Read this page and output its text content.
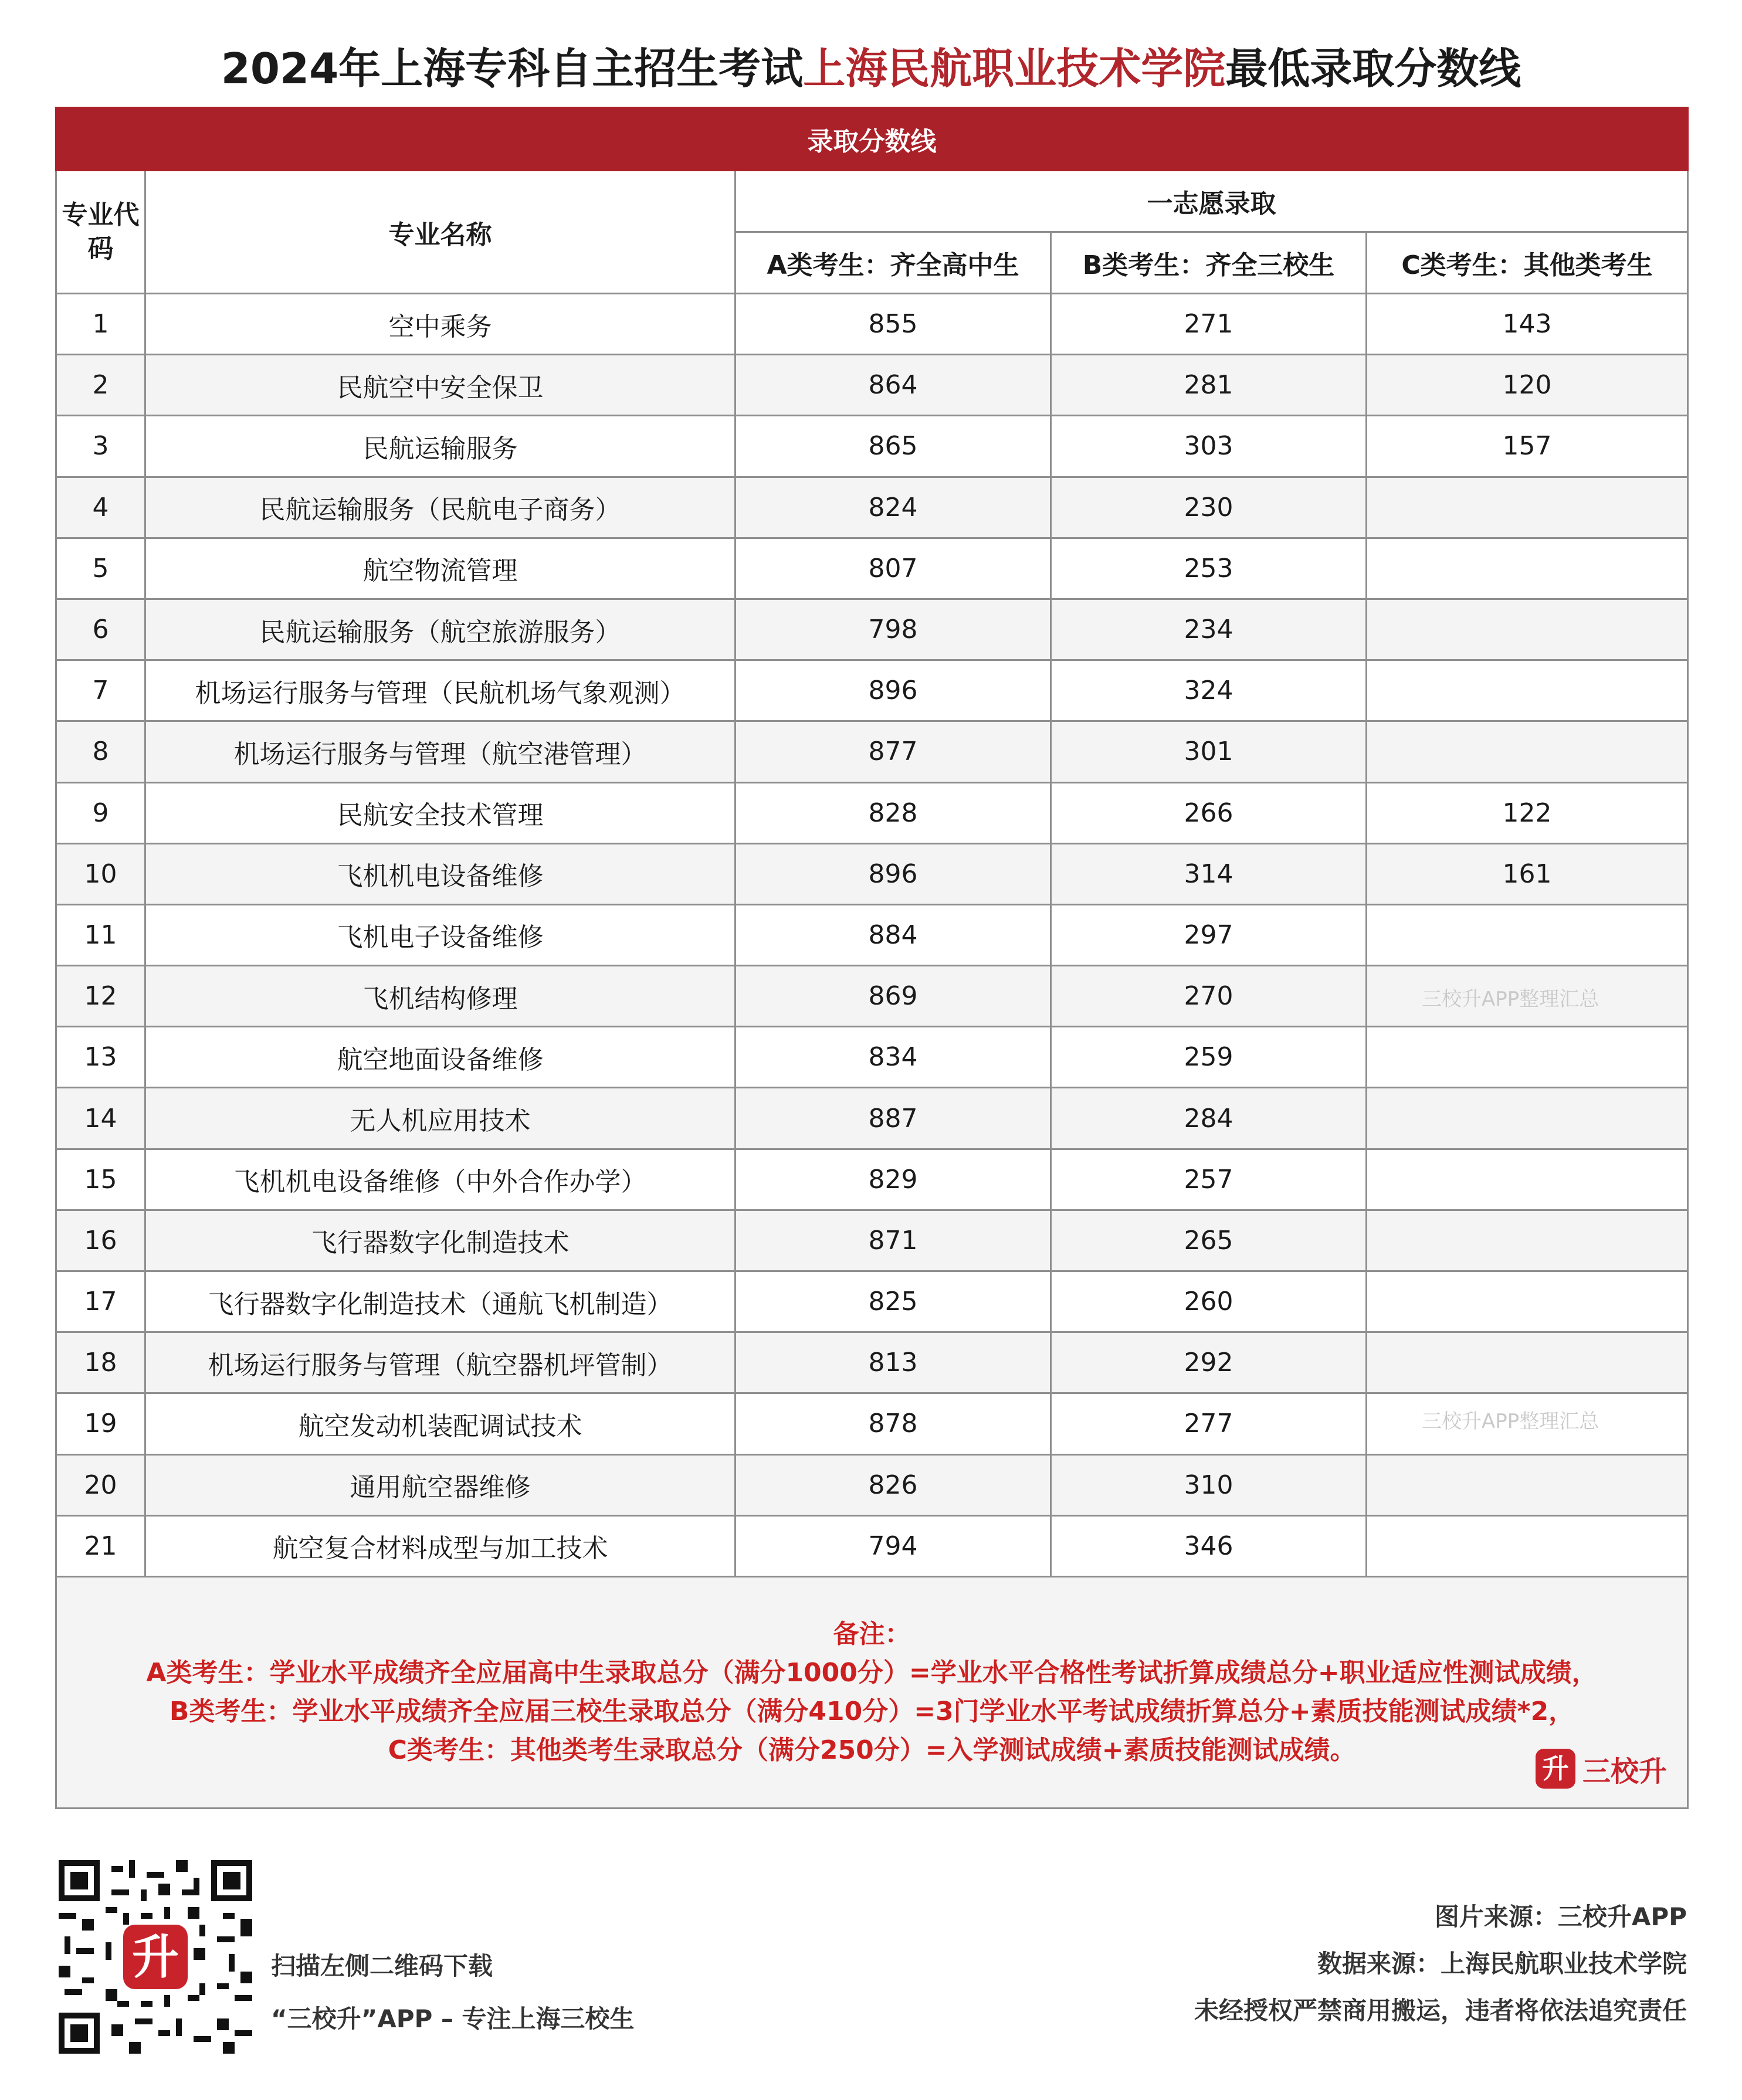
2024年上海专科自主招生考试上海民航职业技术学院最低录取分数线
录取分数线				
专业代码	专业名称	一志愿录取		
		A类考生：齐全高中生	B类考生：齐全三校生	C类考生：其他类考生
1	空中乘务	855	271	143
2	民航空中安全保卫	864	281	120
3	民航运输服务	865	303	157
4	民航运输服务（民航电子商务）	824	230	
5	航空物流管理	807	253	
6	民航运输服务（航空旅游服务）	798	234	
7	机场运行服务与管理（民航机场气象观测）	896	324	
8	机场运行服务与管理（航空港管理）	877	301	
9	民航安全技术管理	828	266	122
10	飞机机电设备维修	896	314	161
11	飞机电子设备维修	884	297	
12	飞机结构修理	869	270	
13	航空地面设备维修	834	259	
14	无人机应用技术	887	284	
15	飞机机电设备维修（中外合作办学）	829	257	
16	飞行器数字化制造技术	871	265	
17	飞行器数字化制造技术（通航飞机制造）	825	260	
18	机场运行服务与管理（航空器机坪管制）	813	292	
19	航空发动机装配调试技术	878	277	
20	通用航空器维修	826	310	
21	航空复合材料成型与加工技术	794	346	

备注：
A类考生：学业水平成绩齐全应届高中生录取总分（满分1000分）=学业水平合格性考试折算成绩总分+职业适应性测试成绩，
B类考生：学业水平成绩齐全应届三校生录取总分（满分410分）=3门学业水平考试成绩折算总分+素质技能测试成绩*2，
C类考生：其他类考生录取总分（满分250分）=入学测试成绩+素质技能测试成绩。				
升 三校升
三校升APP整理汇总
三校升APP整理汇总
升	扫描左侧二维码下载
“三校升”APP – 专注上海三校生
图片来源：三校升APP
数据来源：上海民航职业技术学院
未经授权严禁商用搬运，违者将依法追究责任
